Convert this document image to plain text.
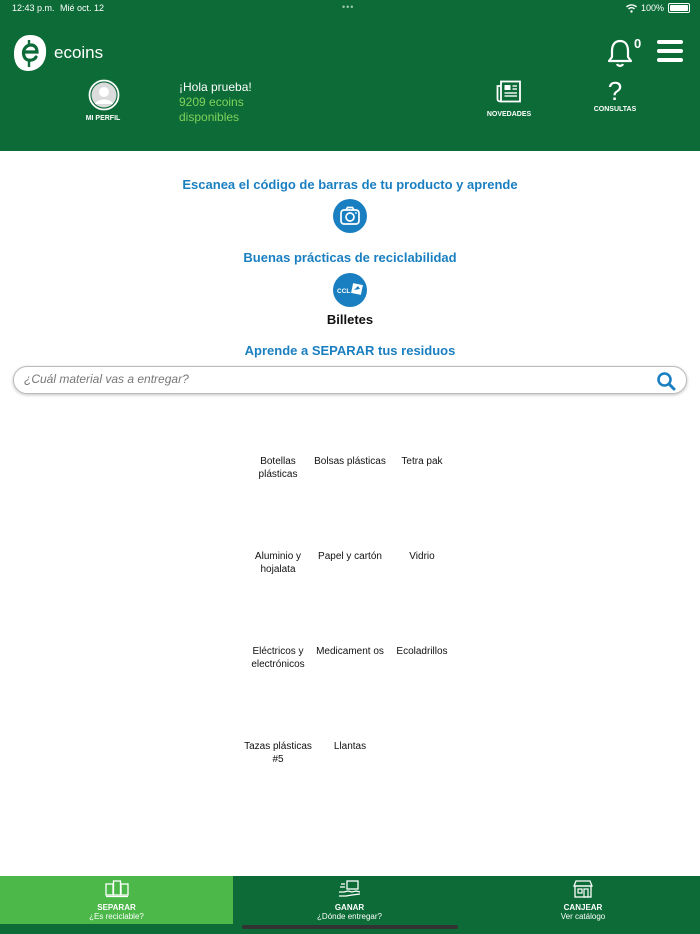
12:43 p.m. Mié oct. 12	•••	100%
ecoins	0
MI PERFIL
¡Hola prueba!
9209 ecoins
disponibles	NOVEDADES
?
CONSULTAS
Escanea el código de barras de tu producto y aprende
Buenas prácticas de reciclabilidad
CCL
Billetes
Aprende a SEPARAR tus residuos
¿Cuál material vas a entregar?
Botellas plásticas
Bolsas plásticas	Tetra pak
Aluminio y hojalata
Papel y cartón	Vidrio
Eléctricos y electrónicos
Medicament os	Ecoladrillos
Tazas plásticas #5
Llantas
SEPARAR
¿Es reciclable?
GANAR
¿Dónde entregar?
CANJEAR
Ver catálogo
